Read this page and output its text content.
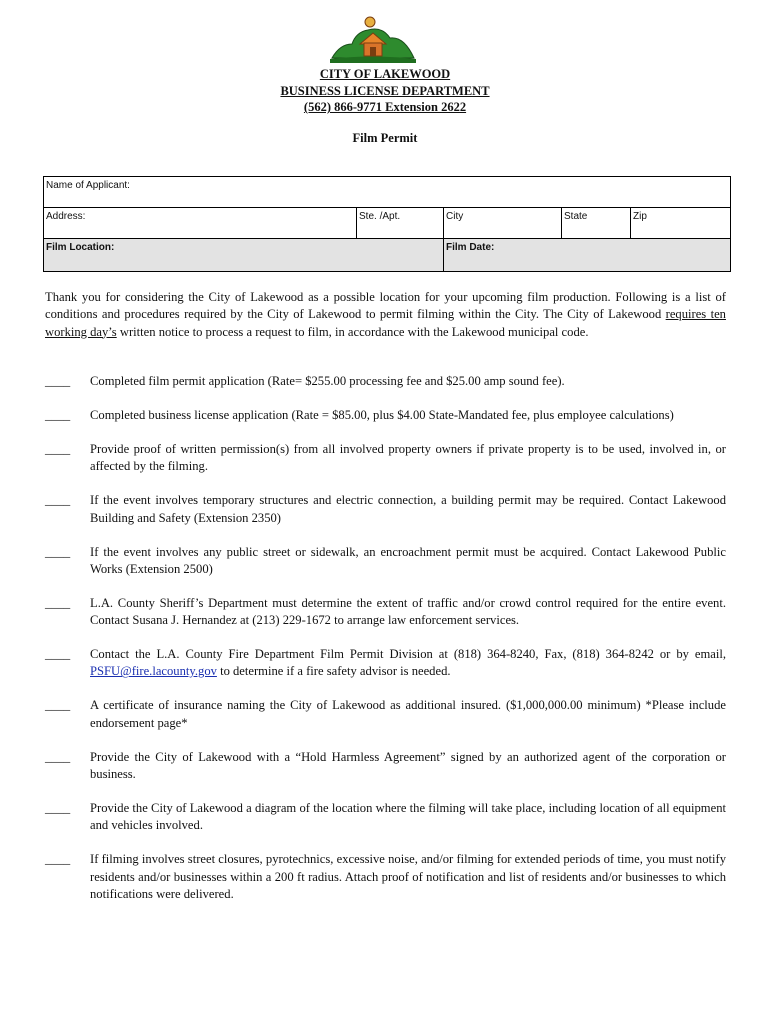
CITY OF LAKEWOOD
BUSINESS LICENSE DEPARTMENT
(562) 866-9771 Extension 2622
Film Permit
Name of Applicant:
Address:	Ste. /Apt.	City	State	Zip
Film Location:	Film Date:
Thank you for considering the City of Lakewood as a possible location for your upcoming film production. Following is a list of conditions and procedures required by the City of Lakewood to permit filming within the City. The City of Lakewood requires ten working day’s written notice to process a request to film, in accordance with the Lakewood municipal code.
____	Completed film permit application (Rate= $255.00 processing fee and $25.00 amp sound fee).
____	Completed business license application (Rate = $85.00, plus $4.00 State-Mandated fee, plus employee calculations)
____	Provide proof of written permission(s) from all involved property owners if private property is to be used, involved in, or affected by the filming.
____	If the event involves temporary structures and electric connection, a building permit may be required. Contact Lakewood Building and Safety (Extension 2350)
____	If the event involves any public street or sidewalk, an encroachment permit must be acquired. Contact Lakewood Public Works (Extension 2500)
____	L.A. County Sheriff’s Department must determine the extent of traffic and/or crowd control required for the entire event. Contact Susana J. Hernandez at (213) 229-1672 to arrange law enforcement services.
____	Contact the L.A. County Fire Department Film Permit Division at (818) 364-8240, Fax, (818) 364-8242 or by email, PSFU@fire.lacounty.gov to determine if a fire safety advisor is needed.
____	A certificate of insurance naming the City of Lakewood as additional insured. ($1,000,000.00 minimum) *Please include endorsement page*
____	Provide the City of Lakewood with a “Hold Harmless Agreement” signed by an authorized agent of the corporation or business.
____	Provide the City of Lakewood a diagram of the location where the filming will take place, including location of all equipment and vehicles involved.
____	If filming involves street closures, pyrotechnics, excessive noise, and/or filming for extended periods of time, you must notify residents and/or businesses within a 200 ft radius. Attach proof of notification and list of residents and/or businesses to which notifications were delivered.
